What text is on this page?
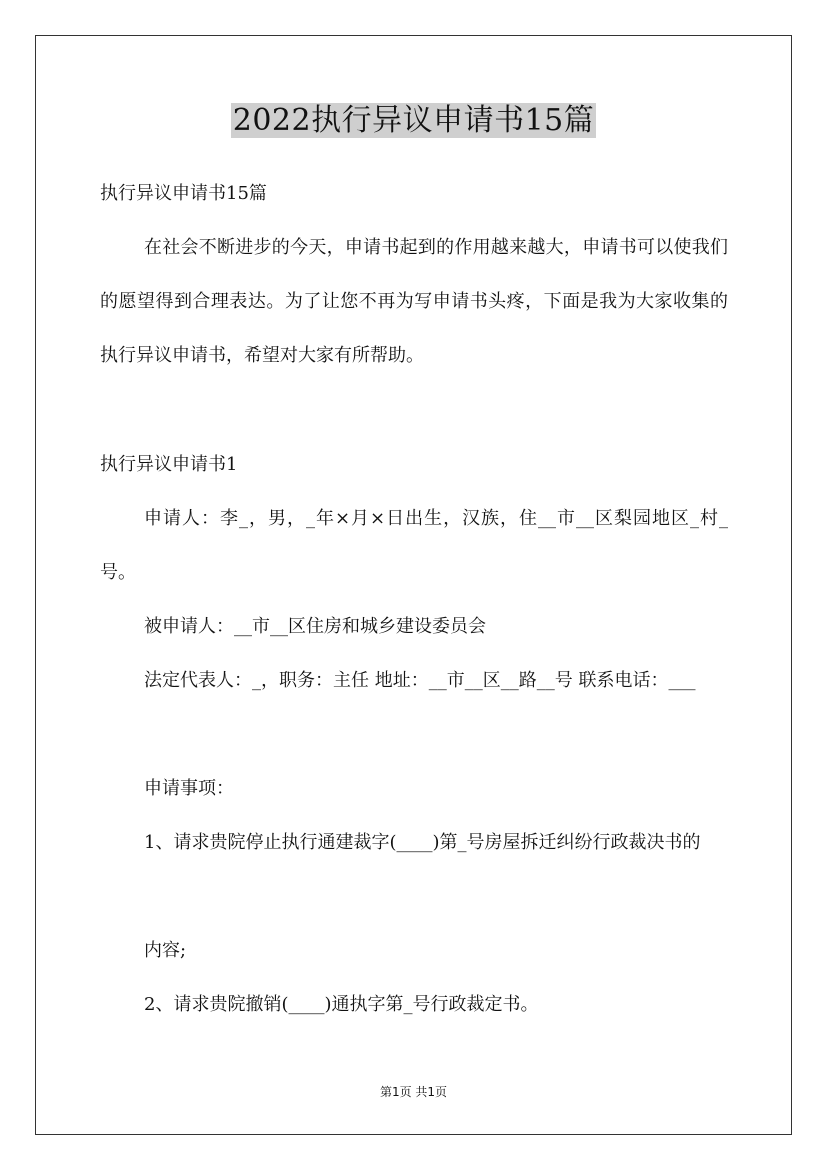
2022执行异议申请书15篇

执行异议申请书15篇

在社会不断进步的今天，申请书起到的作用越来越大，申请书可以使我们的愿望得到合理表达。为了让您不再为写申请书头疼，下面是我为大家收集的执行异议申请书，希望对大家有所帮助。

执行异议申请书1

申请人：李_，男，_年×月×日出生，汉族，住__市__区梨园地区_村_号。

被申请人：__市__区住房和城乡建设委员会

法定代表人：_，职务：主任 地址：__市__区__路__号 联系电话：___

申请事项：

1、请求贵院停止执行通建裁字(____)第_号房屋拆迁纠纷行政裁决书的

内容;

2、请求贵院撤销(____)通执字第_号行政裁定书。

第1页 共1页
